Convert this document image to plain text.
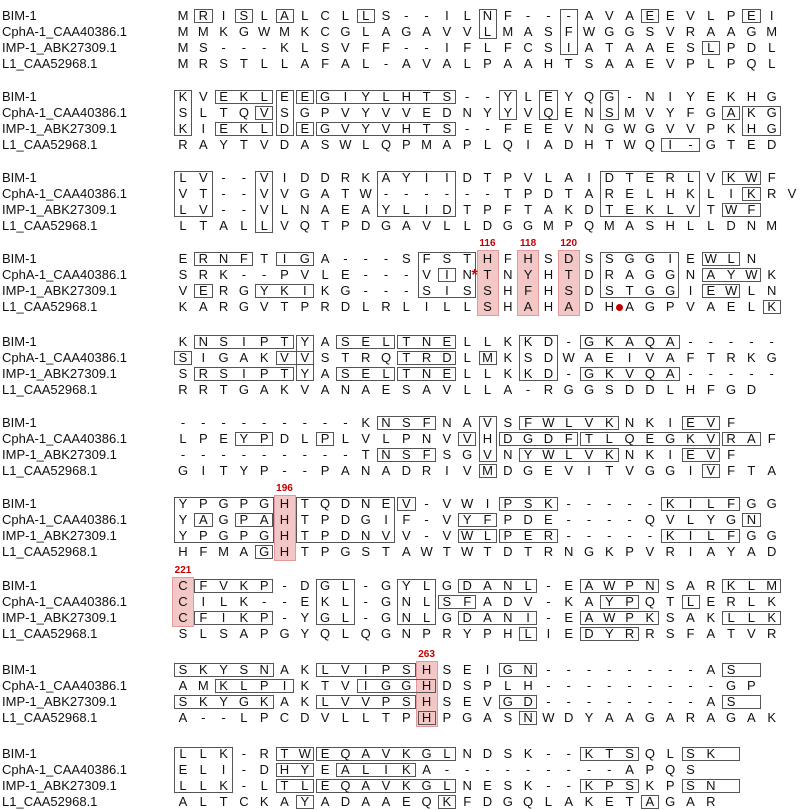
BIM-1	M R	I	S L A L C L	L S	-	-	I	L N F	-	-	-	A V A E E V L P E	I
CphA-1_CAA40386.1	M M K G W M K C G L A G A V V L M A S F W G G S V R A A G M
IMP-1_ABK27309.1	M S	-	-	-	K L S V F F	-	-	I	F L F C S	I	A T A A E S L P D L
L1_CAA52968.1	M R S T L	L A F A L	-	A V A L P A A H T S A A E V P L P Q L
BIM-1	K V E K L E E G	I	Y L H T S	-	-	Y L E Y Q G	-	N	I	Y E K H G
CphA-1_CAA40386.1	S L T Q V S G P V Y V V E D N Y Y V Q E N S M V Y F G A K G
IMP-1_ABK27309.1	K	I	E K L D E G V Y V H T S	-	-	F E E V N G W G V V P K H G
L1_CAA52968.1	R A Y T V D A S W L Q P M A P L Q	I	A D H T W Q	I	-	G T E D
BIM-1	L V	-	-	V	I	D D R K A Y	I	I	D T P V L A	I	D T E R L V K W F
CphA-1_CAA40386.1	V T	-	-	V V G A T W -	-	-	-	-	-	T P D T A R E L H K L	I	K R V
IMP-1_ABK27309.1	L V	-	-	V L N A E A Y L	I	D T P F T A K D T E K L V T W F
L1_CAA52968.1	L T A L	L V Q T P D G A V L	L D G G M P Q M A S H L	L D N M
BIM-1	E R N F T	I	G A	-	-	-	S F S T H F H S D S S G G	I	E W L N
CphA-1_CAA40386.1	S R K	-	-	P V L E	-	-	-	V	I	N T N Y H T D R A G G N A Y W K
IMP-1_ABK27309.1	V E R G Y K	I	K G	-	-	-	S	I	S S H F H S D S T G G	I	E W L N
L1_CAA52968.1	K A R G V T P R D L R L	I	L	L S H A H A D H A G P V A E L K
116	118	120
*
BIM-1	K N S	I	P T Y A S E L T N E L	L K K D	-	G K A Q A	-	-	-	-	-
CphA-1_CAA40386.1	S	I	G A K V V S T R Q T R D L M K S D W A E	I	V A F T R K G
IMP-1_ABK27309.1	S R S	I	P T Y A S E L T N E L	L K K D	-	G K V Q A	-	-	-	-	-
L1_CAA52968.1	R R T G A K V A N A E S A V L	L A	-	R G G S D D L H F G D
BIM-1	-	-	-	-	-	-	-	-	-	K N S F N A V S F W L V K N K	I	E V F
CphA-1_CAA40386.1	L P E Y P D L P L V L P N V V H D G D F T L Q E G K V R A F
IMP-1_ABK27309.1	-	-	-	-	-	-	-	-	-	T N S F S G V N Y W L V K N K	I	E V F
L1_CAA52968.1	G	I	T Y P	-	-	P A N A D R	I	V M D G E V	I	T V G G	I	V F T A
BIM-1	Y P G P G H T Q D N E V	-	V W I	P S K	-	-	-	-	-	K	I	L F G G
CphA-1_CAA40386.1	Y A G P A H T P D G	I	F	-	V Y F P D E	-	-	-	-	Q V L Y G N
IMP-1_ABK27309.1	Y P G P G H T P D N V V	-	V W L P E R	-	-	-	-	-	K	I	L F G G
L1_CAA52968.1	H F M A G H T P G S T A W T W T D T R N G K P V R	I	A Y A D
196
BIM-1	C F V K P	-	D G L	-	G Y L G D A N L	-	E A W P N S A R K L M
CphA-1_CAA40386.1	C	I	L K	-	-	E K L	-	G N L S F A D V	-	K A Y P Q T L E R L K
IMP-1_ABK27309.1	C F	I	K P	-	Y G L	-	G N L G D A N	I	-	E A W P K S A K L	L K
L1_CAA52968.1	S L S A P G Y Q L Q G N P R Y P H L	I	E D Y R R S F A T V R
221
BIM-1	S K Y S N A K L V	I	P S H S E	I	G N	-	-	-	-	-	-	-	-	A S
CphA-1_CAA40386.1	A M K L P	I	K T V	I	G G H D S P L H	-	-	-	-	-	-	-	-	-	G P
IMP-1_ABK27309.1	S K Y G K A K L V V P S H S E V G D	-	-	-	-	-	-	-	-	A S
L1_CAA52968.1	A	-	-	L P C D V L	L T P H P G A S N W D Y A A G A R A G A K
263
BIM-1	L	L K	-	R T W E Q A V K G L N D S K	-	-	K T S Q L S K
CphA-1_CAA40386.1	E L	I	-	D H Y E A L	I	K A	-	-	-	-	-	-	-	-	-	A P Q S
IMP-1_ABK27309.1	L	L K	-	L T L E Q A V K G L N E S K	-	-	K P S K P S N
L1_CAA52968.1	A L T C K A Y A D A A E Q K F D G Q L A K E T A G A R
